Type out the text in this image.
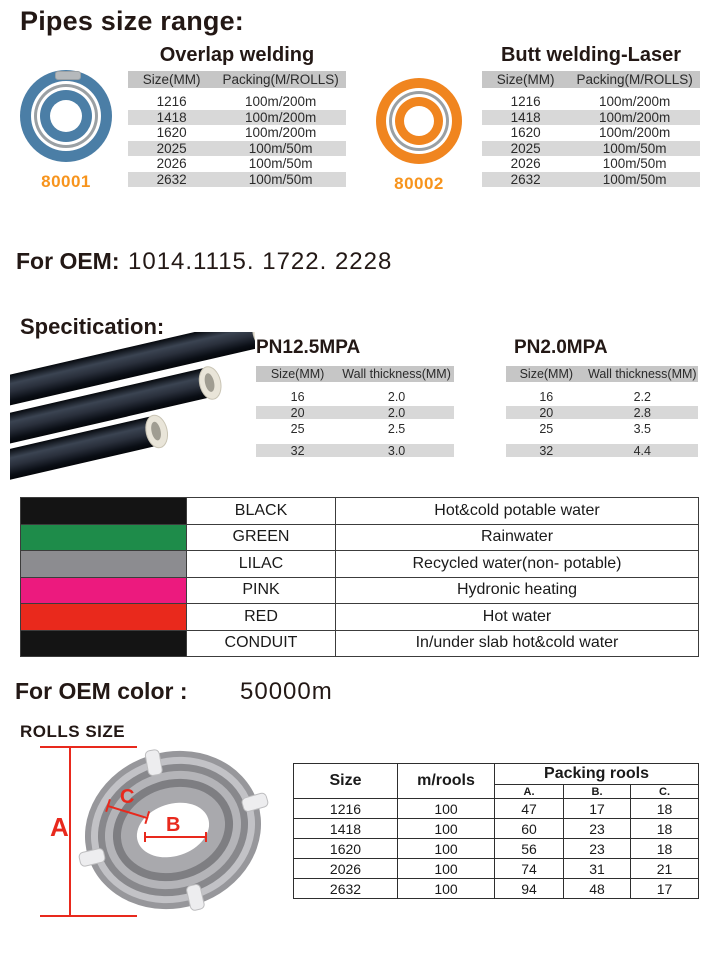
Pipes size range:
80001	80002
Overlap welding
Size(MM)	Packing(M/ROLLS)
1216	100m/200m
1418	100m/200m
1620	100m/200m
2025	100m/50m
2026	100m/50m
2632	100m/50m
Butt welding-Laser
Size(MM)	Packing(M/ROLLS)
1216	100m/200m
1418	100m/200m
1620	100m/200m
2025	100m/50m
2026	100m/50m
2632	100m/50m
For OEM: 1014.1115. 1722. 2228
Specitication:
PN12.5MPA
Size(MM)	Wall thickness(MM)
16	2.0
20	2.0
25	2.5
32	3.0
PN2.0MPA
Size(MM)	Wall thickness(MM)
16	2.2
20	2.8
25	3.5
32	4.4
	BLACK	Hot&cold potable water
	GREEN	Rainwater
	LILAC	Recycled water(non- potable)
	PINK	Hydronic heating
	RED	Hot water
	CONDUIT	In/under slab hot&cold water
For OEM color : 50000m
ROLLS SIZE
A	B
C
Size	m/rools	Packing rools		
		A.	B.	C.
1216	100	47	17	18
1418	100	60	23	18
1620	100	56	23	18
2026	100	74	31	21
2632	100	94	48	17
